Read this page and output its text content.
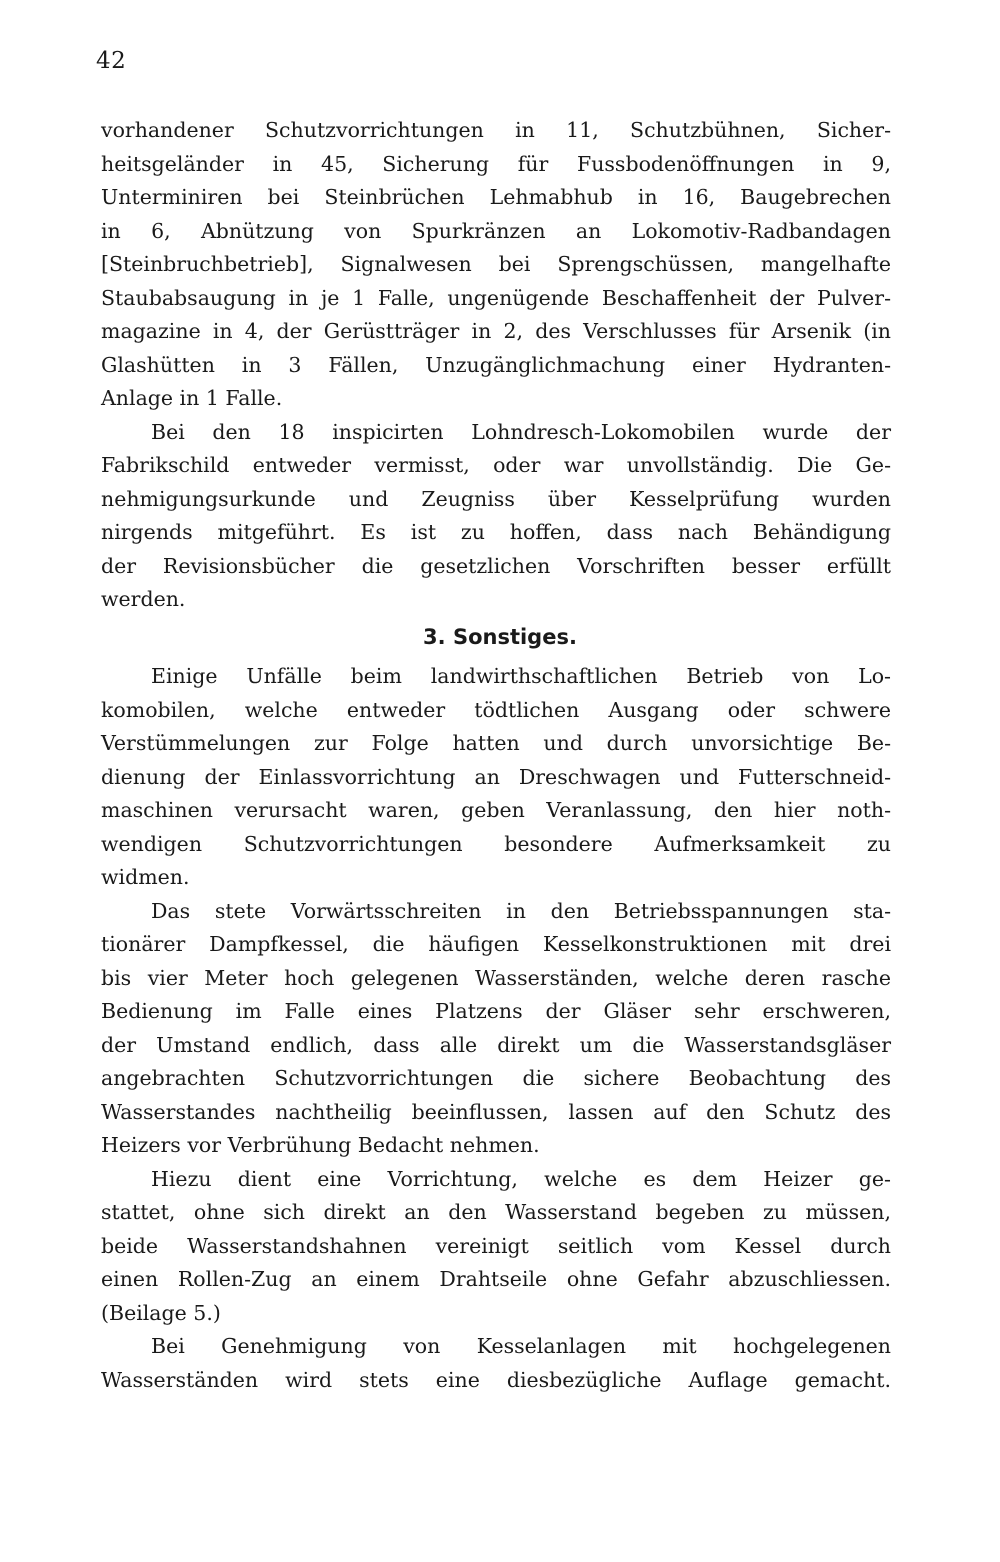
42
vorhandener Schutzvorrichtungen in 11, Schutzbühnen, Sicher-
heitsgeländer in 45, Sicherung für Fussbodenöffnungen in 9,
Unterminiren bei Steinbrüchen Lehmabhub in 16, Baugebrechen
in 6, Abnützung von Spurkränzen an Lokomotiv-Radbandagen
[Steinbruchbetrieb], Signalwesen bei Sprengschüssen, mangelhafte
Staubabsaugung in je 1 Falle, ungenügende Beschaffenheit der Pulver-
magazine in 4, der Gerüstträger in 2, des Verschlusses für Arsenik (in
Glashütten in 3 Fällen, Unzugänglichmachung einer Hydranten-
Anlage in 1 Falle.
Bei den 18 inspicirten Lohndresch-Lokomobilen wurde der
Fabrikschild entweder vermisst, oder war unvollständig. Die Ge-
nehmigungsurkunde und Zeugniss über Kesselprüfung wurden
nirgends mitgeführt. Es ist zu hoffen, dass nach Behändigung
der Revisionsbücher die gesetzlichen Vorschriften besser erfüllt
werden.
3. Sonstiges.
Einige Unfälle beim landwirthschaftlichen Betrieb von Lo-
komobilen, welche entweder tödtlichen Ausgang oder schwere
Verstümmelungen zur Folge hatten und durch unvorsichtige Be-
dienung der Einlassvorrichtung an Dreschwagen und Futterschneid-
maschinen verursacht waren, geben Veranlassung, den hier noth-
wendigen Schutzvorrichtungen besondere Aufmerksamkeit zu
widmen.
Das stete Vorwärtsschreiten in den Betriebsspannungen sta-
tionärer Dampfkessel, die häufigen Kesselkonstruktionen mit drei
bis vier Meter hoch gelegenen Wasserständen, welche deren rasche
Bedienung im Falle eines Platzens der Gläser sehr erschweren,
der Umstand endlich, dass alle direkt um die Wasserstandsgläser
angebrachten Schutzvorrichtungen die sichere Beobachtung des
Wasserstandes nachtheilig beeinflussen, lassen auf den Schutz des
Heizers vor Verbrühung Bedacht nehmen.
Hiezu dient eine Vorrichtung, welche es dem Heizer ge-
stattet, ohne sich direkt an den Wasserstand begeben zu müssen,
beide Wasserstandshahnen vereinigt seitlich vom Kessel durch
einen Rollen-Zug an einem Drahtseile ohne Gefahr abzuschliessen.
(Beilage 5.)
Bei Genehmigung von Kesselanlagen mit hochgelegenen
Wasserständen wird stets eine diesbezügliche Auflage gemacht.
